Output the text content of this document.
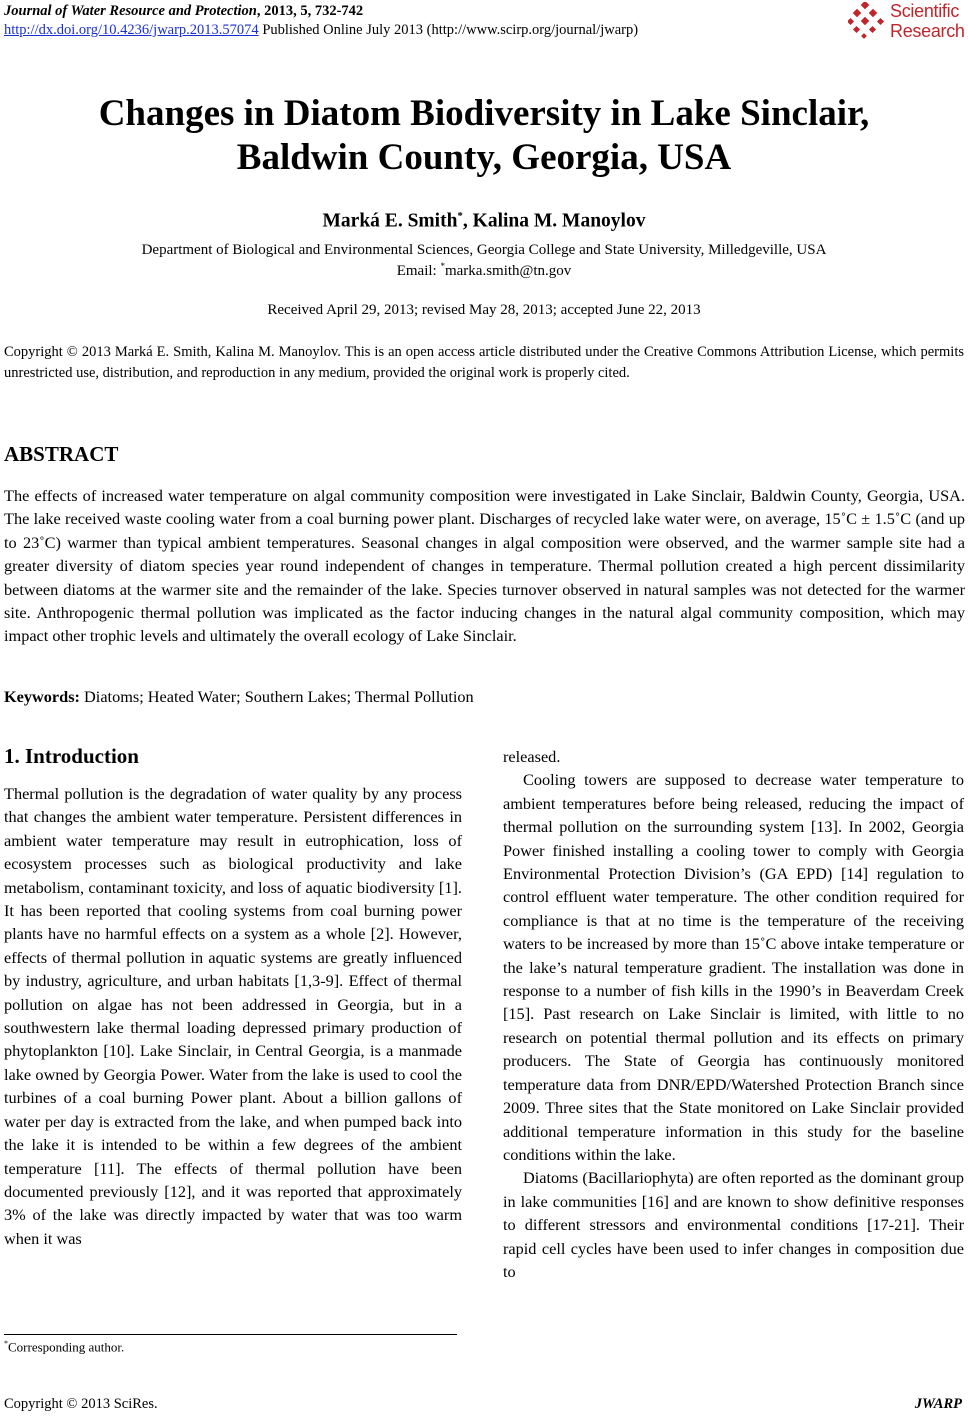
Journal of Water Resource and Protection, 2013, 5, 732-742
http://dx.doi.org/10.4236/jwarp.2013.57074 Published Online July 2013 (http://www.scirp.org/journal/jwarp)
Scientific
Research
Changes in Diatom Biodiversity in Lake Sinclair,
Baldwin County, Georgia, USA
Marká E. Smith*, Kalina M. Manoylov
Department of Biological and Environmental Sciences, Georgia College and State University, Milledgeville, USA
Email: *marka.smith@tn.gov
Received April 29, 2013; revised May 28, 2013; accepted June 22, 2013
Copyright © 2013 Marká E. Smith, Kalina M. Manoylov. This is an open access article distributed under the Creative Commons Attribution License, which permits unrestricted use, distribution, and reproduction in any medium, provided the original work is properly cited.
ABSTRACT
The effects of increased water temperature on algal community composition were investigated in Lake Sinclair, Baldwin County, Georgia, USA. The lake received waste cooling water from a coal burning power plant. Discharges of recycled lake water were, on average, 15˚C ± 1.5˚C (and up to 23˚C) warmer than typical ambient temperatures. Seasonal changes in algal composition were observed, and the warmer sample site had a greater diversity of diatom species year round independent of changes in temperature. Thermal pollution created a high percent dissimilarity between diatoms at the warmer site and the remainder of the lake. Species turnover observed in natural samples was not detected for the warmer site. Anthropogenic thermal pollution was implicated as the factor inducing changes in the natural algal community composition, which may impact other trophic levels and ultimately the overall ecology of Lake Sinclair.
Keywords: Diatoms; Heated Water; Southern Lakes; Thermal Pollution
1. Introduction

Thermal pollution is the degradation of water quality by any process that changes the ambient water temperature. Persistent differences in ambient water temperature may result in eutrophication, loss of ecosystem processes such as biological productivity and lake metabolism, contaminant toxicity, and loss of aquatic biodiversity [1]. It has been reported that cooling systems from coal burning power plants have no harmful effects on a system as a whole [2]. However, effects of thermal pollution in aquatic systems are greatly influenced by industry, agriculture, and urban habitats [1,3-9]. Effect of thermal pollution on algae has not been addressed in Georgia, but in a southwestern lake thermal loading depressed primary production of phytoplankton [10]. Lake Sinclair, in Central Georgia, is a manmade lake owned by Georgia Power. Water from the lake is used to cool the turbines of a coal burning Power plant. About a billion gallons of water per day is extracted from the lake, and when pumped back into the lake it is intended to be within a few degrees of the ambient temperature [11]. The effects of thermal pollution have been documented previously [12], and it was reported that approximately 3% of the lake was directly impacted by water that was too warm when it was

released.

Cooling towers are supposed to decrease water temperature to ambient temperatures before being released, reducing the impact of thermal pollution on the surrounding system [13]. In 2002, Georgia Power finished installing a cooling tower to comply with Georgia Environmental Protection Division’s (GA EPD) [14] regulation to control effluent water temperature. The other condition required for compliance is that at no time is the temperature of the receiving waters to be increased by more than 15˚C above intake temperature or the lake’s natural temperature gradient. The installation was done in response to a number of fish kills in the 1990’s in Beaverdam Creek [15]. Past research on Lake Sinclair is limited, with little to no research on potential thermal pollution and its effects on primary producers. The State of Georgia has continuously monitored temperature data from DNR/EPD/Watershed Protection Branch since 2009. Three sites that the State monitored on Lake Sinclair provided additional temperature information in this study for the baseline conditions within the lake.

Diatoms (Bacillariophyta) are often reported as the dominant group in lake communities [16] and are known to show definitive responses to different stressors and environmental conditions [17-21]. Their rapid cell cycles have been used to infer changes in composition due to

*Corresponding author.
Copyright © 2013 SciRes.	JWARP
